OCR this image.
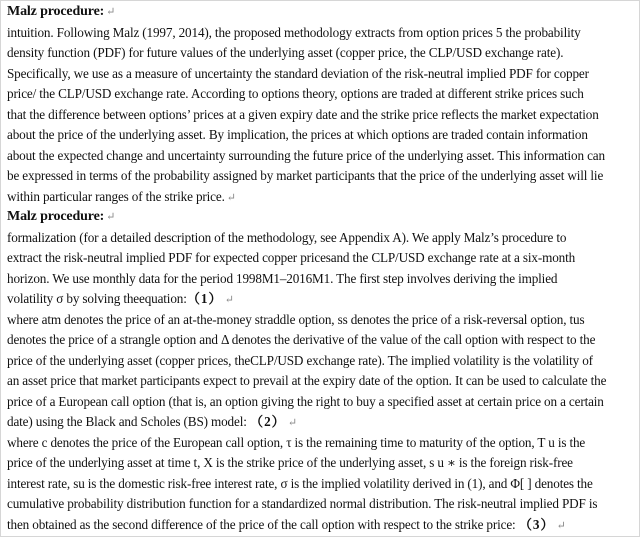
Malz procedure: ↵
intuition. Following Malz (1997, 2014), the proposed methodology extracts from option prices 5 the probability
density function (PDF) for future values of the underlying asset (copper price, the CLP/USD exchange rate).
Specifically, we use as a measure of uncertainty the standard deviation of the risk-neutral implied PDF for copper
price/ the CLP/USD exchange rate. According to options theory, options are traded at different strike prices such
that the difference between options’ prices at a given expiry date and the strike price reflects the market expectation
about the price of the underlying asset. By implication, the prices at which options are traded contain information
about the expected change and uncertainty surrounding the future price of the underlying asset. This information can
be expressed in terms of the probability assigned by market participants that the price of the underlying asset will lie
within particular ranges of the strike price. ↵
Malz procedure: ↵
formalization (for a detailed description of the methodology, see Appendix A). We apply Malz’s procedure to
extract the risk-neutral implied PDF for expected copper pricesand the CLP/USD exchange rate at a six-month
horizon. We use monthly data for the period 1998M1–2016M1. The first step involves deriving the implied
volatility σ by solving theequation:（1） ↵
where atm denotes the price of an at-the-money straddle option, ss denotes the price of a risk-reversal option, tus
denotes the price of a strangle option and Δ denotes the derivative of the value of the call option with respect to the
price of the underlying asset (copper prices, theCLP/USD exchange rate). The implied volatility is the volatility of
an asset price that market participants expect to prevail at the expiry date of the option. It can be used to calculate the
price of a European call option (that is, an option giving the right to buy a specified asset at certain price on a certain
date) using the Black and Scholes (BS) model: （2） ↵
where c denotes the price of the European call option, τ is the remaining time to maturity of the option, T u is the
price of the underlying asset at time t, X is the strike price of the underlying asset, s u ∗ is the foreign risk-free
interest rate, su is the domestic risk-free interest rate, σ is the implied volatility derived in (1), and Φ[ ] denotes the
cumulative probability distribution function for a standardized normal distribution. The risk-neutral implied PDF is
then obtained as the second difference of the price of the call option with respect to the strike price: （3） ↵
